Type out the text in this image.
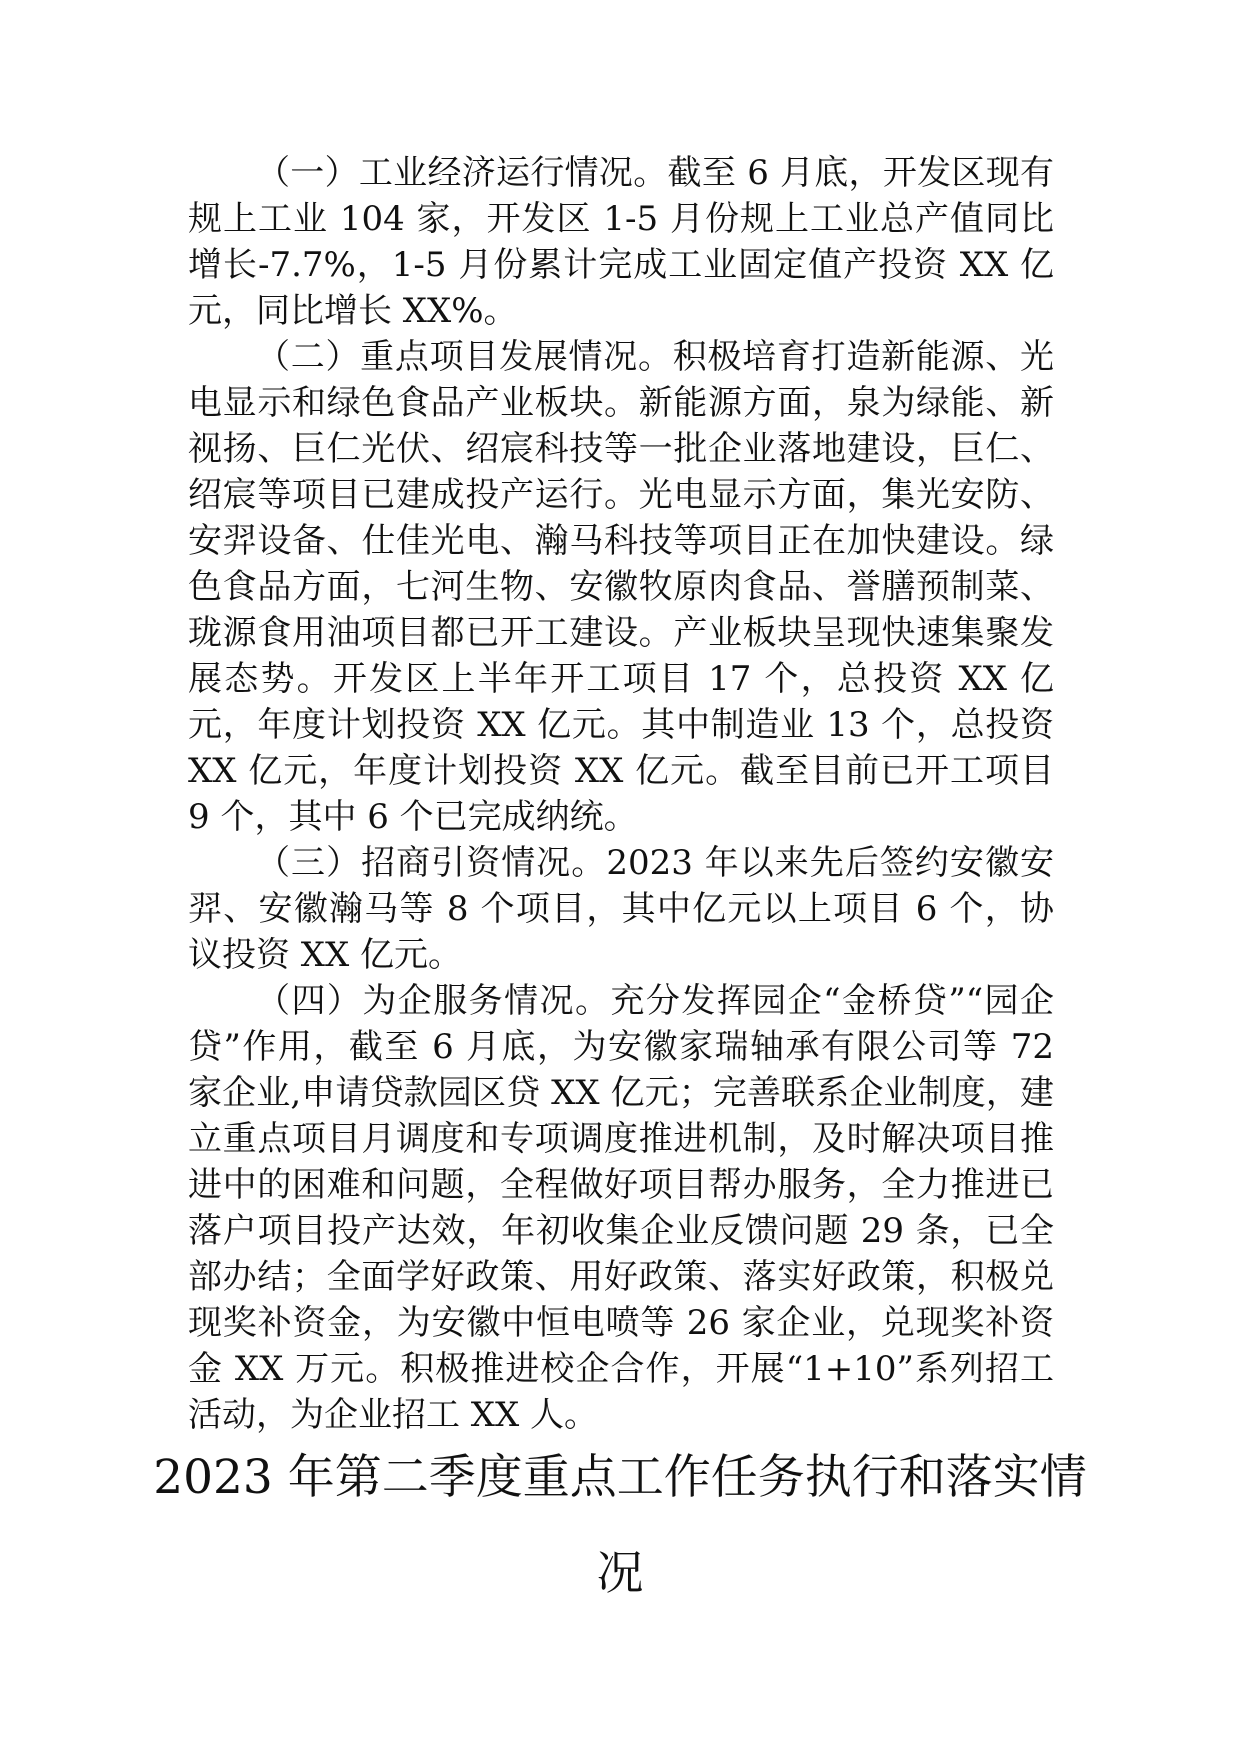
（一）工业经济运行情况。截至 6 月底，开发区现有规上工业 104 家，开发区 1-5 月份规上工业总产值同比增长-7.7%，1-5 月份累计完成工业固定值产投资 XX 亿元，同比增长 XX%。

（二）重点项目发展情况。积极培育打造新能源、光电显示和绿色食品产业板块。新能源方面，泉为绿能、新视扬、巨仁光伏、绍宸科技等一批企业落地建设，巨仁、绍宸等项目已建成投产运行。光电显示方面，集光安防、安羿设备、仕佳光电、瀚马科技等项目正在加快建设。绿色食品方面，七河生物、安徽牧原肉食品、誉膳预制菜、珑源食用油项目都已开工建设。产业板块呈现快速集聚发展态势。开发区上半年开工项目 17 个，总投资 XX 亿元，年度计划投资 XX 亿元。其中制造业 13 个，总投资 XX 亿元，年度计划投资 XX 亿元。截至目前已开工项目 9 个，其中 6 个已完成纳统。

（三）招商引资情况。2023 年以来先后签约安徽安羿、安徽瀚马等 8 个项目，其中亿元以上项目 6 个，协议投资 XX 亿元。

（四）为企服务情况。充分发挥园企“金桥贷”“园企贷”作用，截至 6 月底，为安徽家瑞轴承有限公司等 72 家企业,申请贷款园区贷 XX 亿元；完善联系企业制度，建立重点项目月调度和专项调度推进机制，及时解决项目推进中的困难和问题，全程做好项目帮办服务，全力推进已落户项目投产达效，年初收集企业反馈问题 29 条，已全部办结；全面学好政策、用好政策、落实好政策，积极兑现奖补资金，为安徽中恒电喷等 26 家企业，兑现奖补资金 XX 万元。积极推进校企合作，开展“1+10”系列招工活动，为企业招工 XX 人。

2023 年第二季度重点工作任务执行和落实情况
